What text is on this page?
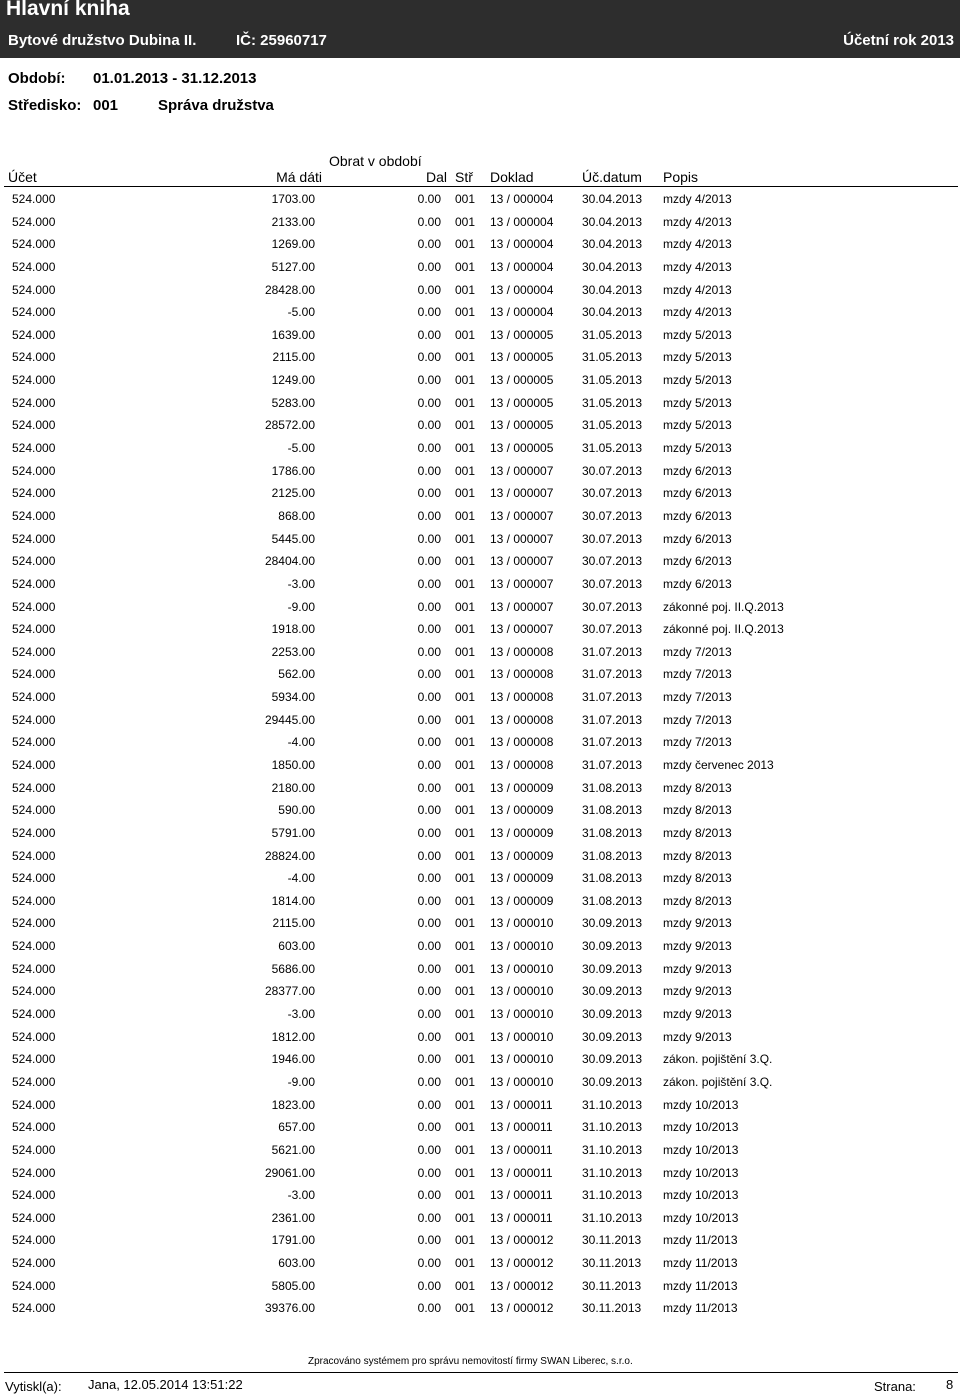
Hlavní kniha
Bytové družstvo Dubina II.	IČ: 25960717	Účetní rok 2013
Období: 01.01.2013 - 31.12.2013
Středisko: 001	Správa družstva
Obrat v období
Účet	Má dáti	Dal Stř Doklad	Úč.datum Popis
524.000	1703.00	0.00 001 13 / 000004 30.04.2013 mzdy 4/2013
524.000	2133.00	0.00 001 13 / 000004 30.04.2013 mzdy 4/2013
524.000	1269.00	0.00 001 13 / 000004 30.04.2013 mzdy 4/2013
524.000	5127.00	0.00 001 13 / 000004 30.04.2013 mzdy 4/2013
524.000	28428.00	0.00 001 13 / 000004 30.04.2013 mzdy 4/2013
524.000	-5.00	0.00 001 13 / 000004 30.04.2013 mzdy 4/2013
524.000	1639.00	0.00 001 13 / 000005 31.05.2013 mzdy 5/2013
524.000	2115.00	0.00 001 13 / 000005 31.05.2013 mzdy 5/2013
524.000	1249.00	0.00 001 13 / 000005 31.05.2013 mzdy 5/2013
524.000	5283.00	0.00 001 13 / 000005 31.05.2013 mzdy 5/2013
524.000	28572.00	0.00 001 13 / 000005 31.05.2013 mzdy 5/2013
524.000	-5.00	0.00 001 13 / 000005 31.05.2013 mzdy 5/2013
524.000	1786.00	0.00 001 13 / 000007 30.07.2013 mzdy 6/2013
524.000	2125.00	0.00 001 13 / 000007 30.07.2013 mzdy 6/2013
524.000	868.00	0.00 001 13 / 000007 30.07.2013 mzdy 6/2013
524.000	5445.00	0.00 001 13 / 000007 30.07.2013 mzdy 6/2013
524.000	28404.00	0.00 001 13 / 000007 30.07.2013 mzdy 6/2013
524.000	-3.00	0.00 001 13 / 000007 30.07.2013 mzdy 6/2013
524.000	-9.00	0.00 001 13 / 000007 30.07.2013 zákonné poj. II.Q.2013
524.000	1918.00	0.00 001 13 / 000007 30.07.2013 zákonné poj. II.Q.2013
524.000	2253.00	0.00 001 13 / 000008 31.07.2013 mzdy 7/2013
524.000	562.00	0.00 001 13 / 000008 31.07.2013 mzdy 7/2013
524.000	5934.00	0.00 001 13 / 000008 31.07.2013 mzdy 7/2013
524.000	29445.00	0.00 001 13 / 000008 31.07.2013 mzdy 7/2013
524.000	-4.00	0.00 001 13 / 000008 31.07.2013 mzdy 7/2013
524.000	1850.00	0.00 001 13 / 000008 31.07.2013 mzdy červenec 2013
524.000	2180.00	0.00 001 13 / 000009 31.08.2013 mzdy 8/2013
524.000	590.00	0.00 001 13 / 000009 31.08.2013 mzdy 8/2013
524.000	5791.00	0.00 001 13 / 000009 31.08.2013 mzdy 8/2013
524.000	28824.00	0.00 001 13 / 000009 31.08.2013 mzdy 8/2013
524.000	-4.00	0.00 001 13 / 000009 31.08.2013 mzdy 8/2013
524.000	1814.00	0.00 001 13 / 000009 31.08.2013 mzdy 8/2013
524.000	2115.00	0.00 001 13 / 000010 30.09.2013 mzdy 9/2013
524.000	603.00	0.00 001 13 / 000010 30.09.2013 mzdy 9/2013
524.000	5686.00	0.00 001 13 / 000010 30.09.2013 mzdy 9/2013
524.000	28377.00	0.00 001 13 / 000010 30.09.2013 mzdy 9/2013
524.000	-3.00	0.00 001 13 / 000010 30.09.2013 mzdy 9/2013
524.000	1812.00	0.00 001 13 / 000010 30.09.2013 mzdy 9/2013
524.000	1946.00	0.00 001 13 / 000010 30.09.2013 zákon. pojištění 3.Q.
524.000	-9.00	0.00 001 13 / 000010 30.09.2013 zákon. pojištění 3.Q.
524.000	1823.00	0.00 001 13 / 000011 31.10.2013 mzdy 10/2013
524.000	657.00	0.00 001 13 / 000011 31.10.2013 mzdy 10/2013
524.000	5621.00	0.00 001 13 / 000011 31.10.2013 mzdy 10/2013
524.000	29061.00	0.00 001 13 / 000011 31.10.2013 mzdy 10/2013
524.000	-3.00	0.00 001 13 / 000011 31.10.2013 mzdy 10/2013
524.000	2361.00	0.00 001 13 / 000011 31.10.2013 mzdy 10/2013
524.000	1791.00	0.00 001 13 / 000012 30.11.2013 mzdy 11/2013
524.000	603.00	0.00 001 13 / 000012 30.11.2013 mzdy 11/2013
524.000	5805.00	0.00 001 13 / 000012 30.11.2013 mzdy 11/2013
524.000	39376.00	0.00 001 13 / 000012 30.11.2013 mzdy 11/2013
Zpracováno systémem pro správu nemovitostí firmy SWAN Liberec, s.r.o.
Vytiskl(a): Jana, 12.05.2014 13:51:22	Strana: 8
